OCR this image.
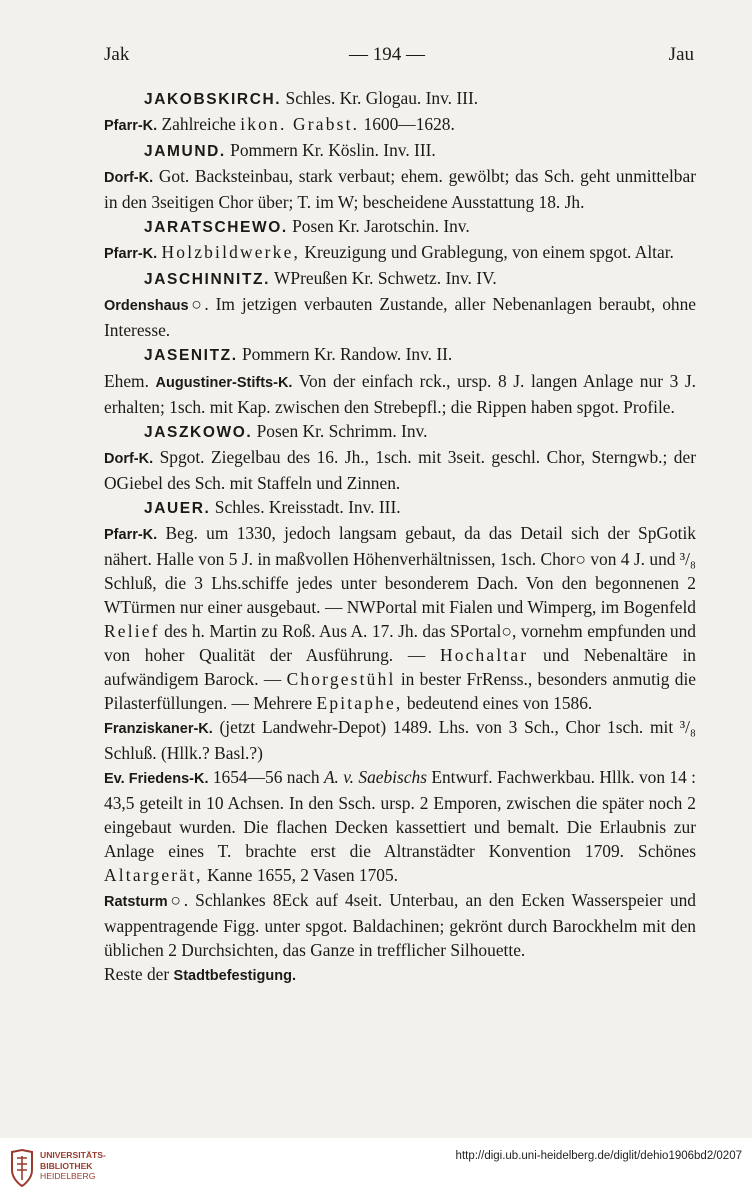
Jak	— 194 —	Jau

JAKOBSKIRCH. Schles. Kr. Glogau. Inv. III.

Pfarr-K. Zahlreiche ikon. Grabst. 1600—1628.

JAMUND. Pommern Kr. Köslin. Inv. III.

Dorf-K. Got. Backsteinbau, stark verbaut; ehem. gewölbt; das Sch. geht unmittelbar in den 3seitigen Chor über; T. im W; bescheidene Ausstattung 18. Jh.

JARATSCHEWO. Posen Kr. Jarotschin. Inv.

Pfarr-K. Holzbildwerke, Kreuzigung und Grablegung, von einem spgot. Altar.

JASCHINNITZ. WPreußen Kr. Schwetz. Inv. IV.

Ordenshaus○. Im jetzigen verbauten Zustande, aller Nebenanlagen beraubt, ohne Interesse.

JASENITZ. Pommern Kr. Randow. Inv. II.

Ehem. Augustiner-Stifts-K. Von der einfach rck., ursp. 8 J. langen Anlage nur 3 J. erhalten; 1sch. mit Kap. zwischen den Strebepfl.; die Rippen haben spgot. Profile.

JASZKOWO. Posen Kr. Schrimm. Inv.

Dorf-K. Spgot. Ziegelbau des 16. Jh., 1sch. mit 3seit. geschl. Chor, Sterngwb.; der OGiebel des Sch. mit Staffeln und Zinnen.

JAUER. Schles. Kreisstadt. Inv. III.

Pfarr-K. Beg. um 1330, jedoch langsam gebaut, da das Detail sich der SpGotik nähert. Halle von 5 J. in maßvollen Höhenverhältnissen, 1sch. Chor○ von 4 J. und ³/₈ Schluß, die 3 Lhs.schiffe jedes unter besonderem Dach. Von den begonnenen 2 WTürmen nur einer ausgebaut. — NWPortal mit Fialen und Wimperg, im Bogenfeld Relief des h. Martin zu Roß. Aus A. 17. Jh. das SPortal○, vornehm empfunden und von hoher Qualität der Ausführung. — Hochaltar und Nebenaltäre in aufwändigem Barock. — Chorgestühl in bester FrRenss., besonders anmutig die Pilasterfüllungen. — Mehrere Epitaphe, bedeutend eines von 1586.

Franziskaner-K. (jetzt Landwehr-Depot) 1489. Lhs. von 3 Sch., Chor 1sch. mit ³/₈ Schluß. (Hllk.? Basl.?)

Ev. Friedens-K. 1654—56 nach A. v. Saebischs Entwurf. Fachwerkbau. Hllk. von 14 : 43,5 geteilt in 10 Achsen. In den Ssch. ursp. 2 Emporen, zwischen die später noch 2 eingebaut wurden. Die flachen Decken kassettiert und bemalt. Die Erlaubnis zur Anlage eines T. brachte erst die Altranstädter Konvention 1709. Schönes Altargerät, Kanne 1655, 2 Vasen 1705.

Ratsturm○. Schlankes 8Eck auf 4seit. Unterbau, an den Ecken Wasserspeier und wappentragende Figg. unter spgot. Baldachinen; gekrönt durch Barockhelm mit den üblichen 2 Durchsichten, das Ganze in trefflicher Silhouette.

Reste der Stadtbefestigung.

UNIVERSITÄTS-
BIBLIOTHEK
HEIDELBERG
http://digi.ub.uni-heidelberg.de/diglit/dehio1906bd2/0207
